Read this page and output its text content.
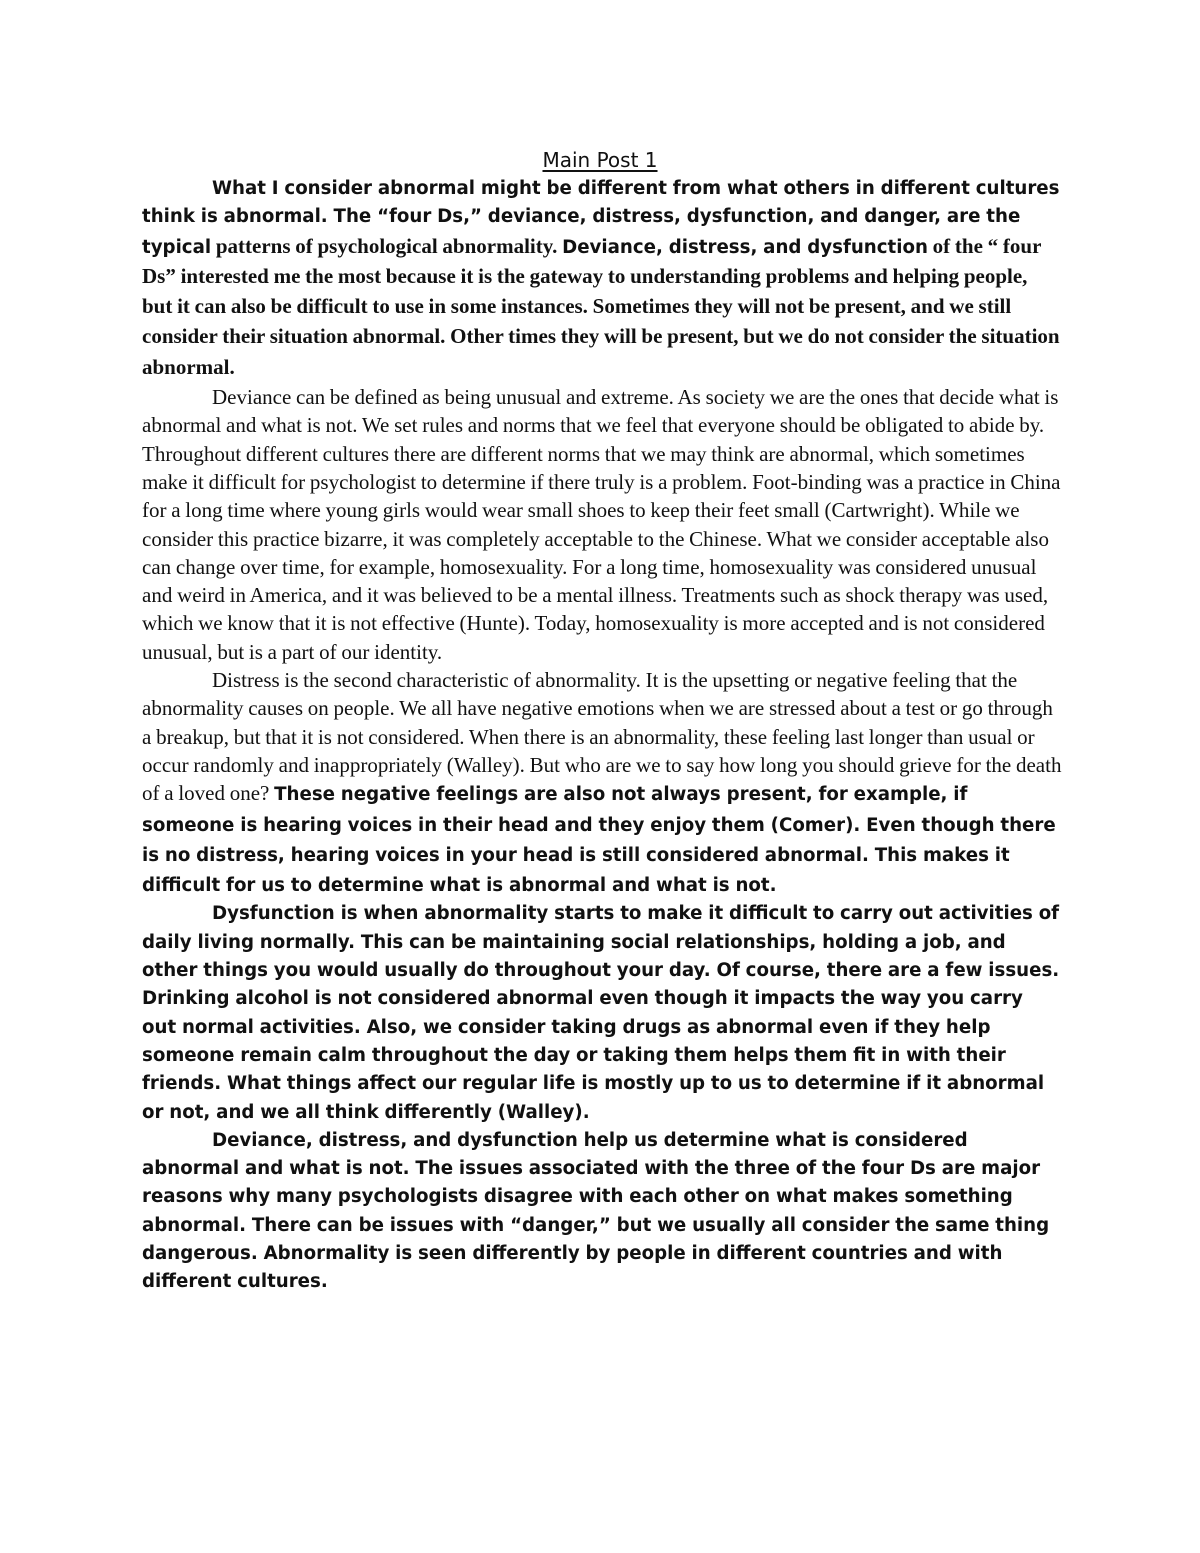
Main Post 1

What I consider abnormal might be different from what others in different cultures think is abnormal. The “four Ds,” deviance, distress, dysfunction, and danger, are the typical patterns of psychological abnormality. Deviance, distress, and dysfunction of the “ four Ds” interested me the most because it is the gateway to understanding problems and helping people, but it can also be difficult to use in some instances. Sometimes they will not be present, and we still consider their situation abnormal. Other times they will be present, but we do not consider the situation abnormal.

Deviance can be defined as being unusual and extreme. As society we are the ones that decide what is abnormal and what is not. We set rules and norms that we feel that everyone should be obligated to abide by. Throughout different cultures there are different norms that we may think are abnormal, which sometimes make it difficult for psychologist to determine if there truly is a problem. Foot-binding was a practice in China for a long time where young girls would wear small shoes to keep their feet small (Cartwright). While we consider this practice bizarre, it was completely acceptable to the Chinese. What we consider acceptable also can change over time, for example, homosexuality. For a long time, homosexuality was considered unusual and weird in America, and it was believed to be a mental illness. Treatments such as shock therapy was used, which we know that it is not effective (Hunte). Today, homosexuality is more accepted and is not considered unusual, but is a part of our identity.

Distress is the second characteristic of abnormality. It is the upsetting or negative feeling that the abnormality causes on people. We all have negative emotions when we are stressed about a test or go through a breakup, but that it is not considered. When there is an abnormality, these feeling last longer than usual or occur randomly and inappropriately (Walley). But who are we to say how long you should grieve for the death of a loved one? These negative feelings are also not always present, for example, if someone is hearing voices in their head and they enjoy them (Comer). Even though there is no distress, hearing voices in your head is still considered abnormal. This makes it difficult for us to determine what is abnormal and what is not.

Dysfunction is when abnormality starts to make it difficult to carry out activities of daily living normally. This can be maintaining social relationships, holding a job, and other things you would usually do throughout your day. Of course, there are a few issues. Drinking alcohol is not considered abnormal even though it impacts the way you carry out normal activities. Also, we consider taking drugs as abnormal even if they help someone remain calm throughout the day or taking them helps them fit in with their friends. What things affect our regular life is mostly up to us to determine if it abnormal or not, and we all think differently (Walley).

Deviance, distress, and dysfunction help us determine what is considered abnormal and what is not. The issues associated with the three of the four Ds are major reasons why many psychologists disagree with each other on what makes something abnormal. There can be issues with “danger,” but we usually all consider the same thing dangerous. Abnormality is seen differently by people in different countries and with different cultures.
